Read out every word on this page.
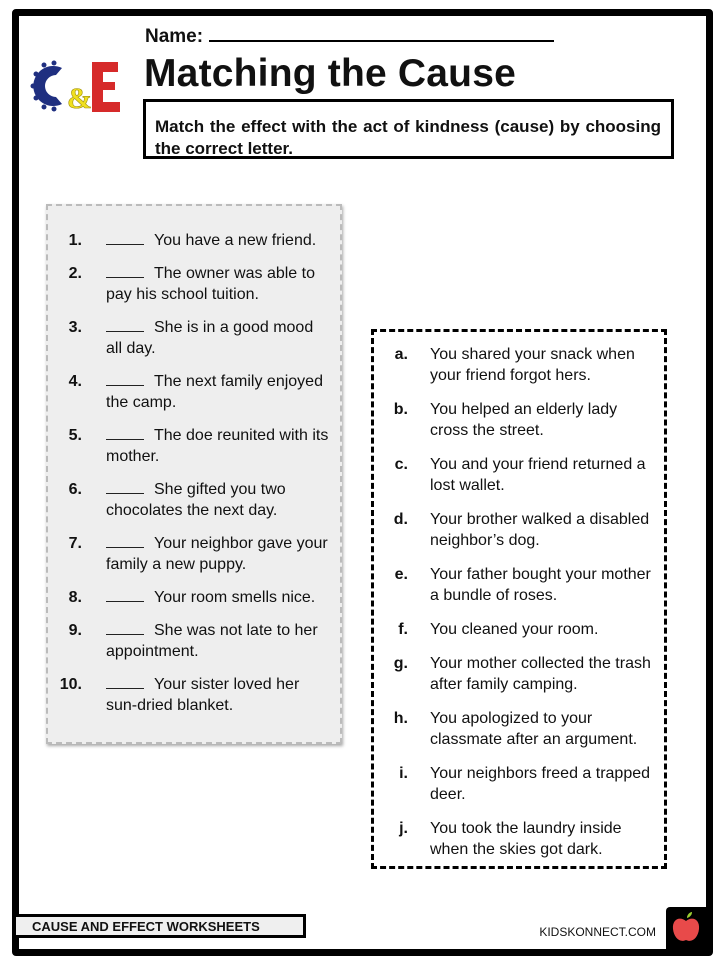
&
Name:
Matching the Cause
Match the effect with the act of kindness (cause) by choosing the correct letter.
1.	You have a new friend.
2.	The owner was able to pay his school tuition.
3.	She is in a good mood all day.
4.	The next family enjoyed the camp.
5.	The doe reunited with its mother.
6.	She gifted you two chocolates the next day.
7.	Your neighbor gave your family a new puppy.
8.	Your room smells nice.
9.	She was not late to her appointment.
10.	Your sister loved her sun-dried blanket.
a. You shared your snack when your friend forgot hers.
b. You helped an elderly lady cross the street.
c. You and your friend returned a lost wallet.
d. Your brother walked a disabled neighbor’s dog.
e. Your father bought your mother a bundle of roses.
f. You cleaned your room.
g. Your mother collected the trash after family camping.
h. You apologized to your classmate after an argument.
i. Your neighbors freed a trapped deer.
j. You took the laundry inside when the skies got dark.
CAUSE AND EFFECT WORKSHEETS	KIDSKONNECT.COM
